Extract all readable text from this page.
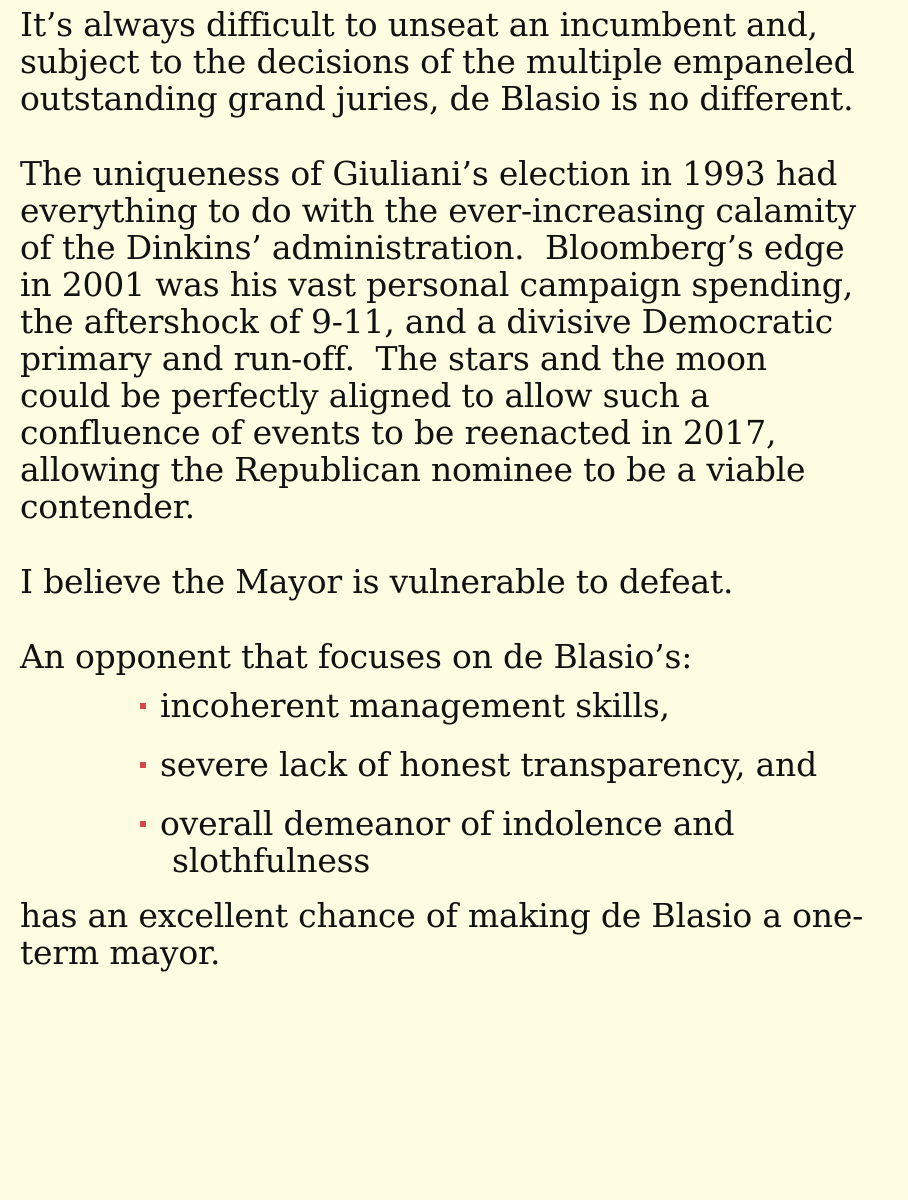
It’s always difficult to unseat an incumbent and,
subject to the decisions of the multiple empaneled
outstanding grand juries, de Blasio is no different.

The uniqueness of Giuliani’s election in 1993 had
everything to do with the ever-increasing calamity
of the Dinkins’ administration.  Bloomberg’s edge
in 2001 was his vast personal campaign spending,
the aftershock of 9-11, and a divisive Democratic
primary and run-off.  The stars and the moon
could be perfectly aligned to allow such a
confluence of events to be reenacted in 2017,
allowing the Republican nominee to be a viable
contender.

I believe the Mayor is vulnerable to defeat.

An opponent that focuses on de Blasio’s:

incoherent management skills,
severe lack of honest transparency, and
overall demeanor of indolence and
slothfulness

has an excellent chance of making de Blasio a one-
term mayor.
